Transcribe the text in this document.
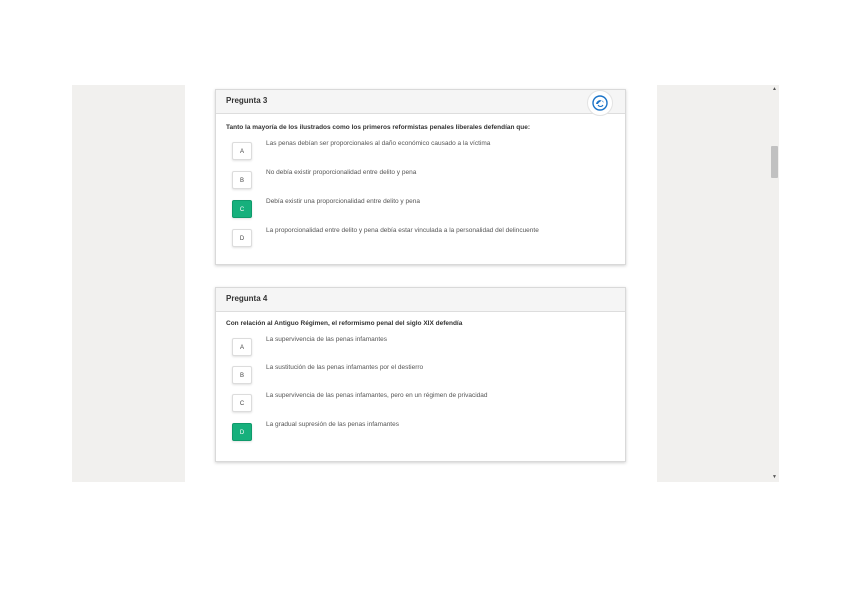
Pregunta 3
Tanto la mayoría de los ilustrados como los primeros reformistas penales liberales defendían que:
A
Las penas debían ser proporcionales al daño económico causado a la víctima
B
No debía existir proporcionalidad entre delito y pena
C
Debía existir una proporcionalidad entre delito y pena
D
La proporcionalidad entre delito y pena debía estar vinculada a la personalidad del delincuente
Pregunta 4
Con relación al Antiguo Régimen, el reformismo penal del siglo XIX defendía
A
La supervivencia de las penas infamantes
B
La sustitución de las penas infamantes por el destierro
C
La supervivencia de las penas infamantes, pero en un régimen de privacidad
D
La gradual supresión de las penas infamantes
▲
▼
